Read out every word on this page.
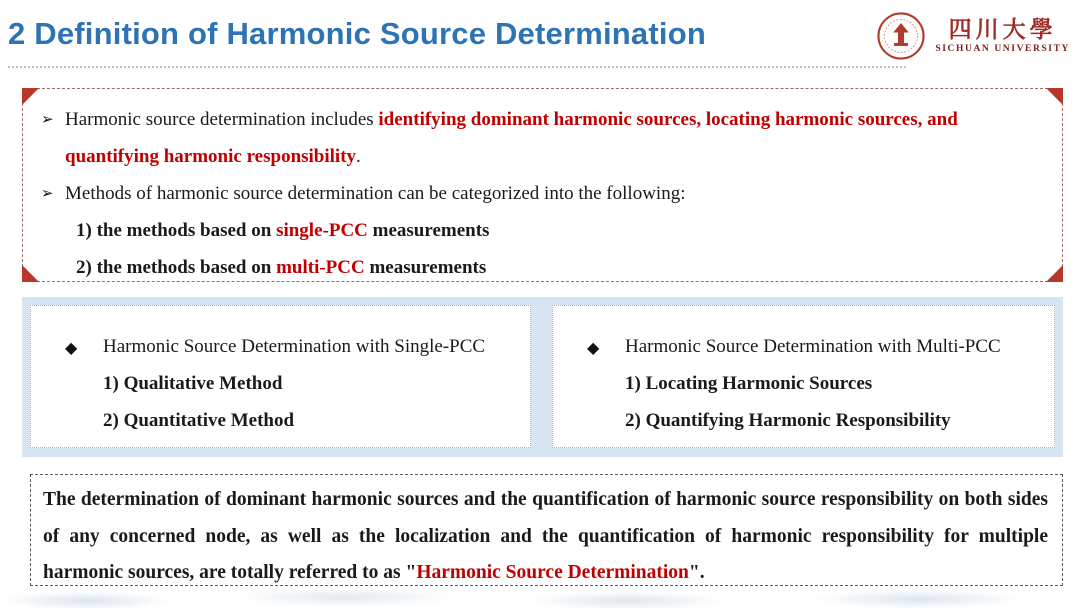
2 Definition of Harmonic Source Determination	四川大學
SICHUAN UNIVERSITY
➢ Harmonic source determination includes identifying dominant harmonic sources, locating harmonic sources, and quantifying harmonic responsibility.
➢ Methods of harmonic source determination can be categorized into the following:
1) the methods based on single-PCC measurements
2) the methods based on multi-PCC measurements
◆ Harmonic Source Determination with Single-PCC
1) Qualitative Method
2) Quantitative Method
◆ Harmonic Source Determination with Multi-PCC
1) Locating Harmonic Sources
2) Quantifying Harmonic Responsibility
The determination of dominant harmonic sources and the quantification of harmonic source responsibility on both sides of any concerned node, as well as the localization and the quantification of harmonic responsibility for multiple harmonic sources, are totally referred to as "Harmonic Source Determination".
